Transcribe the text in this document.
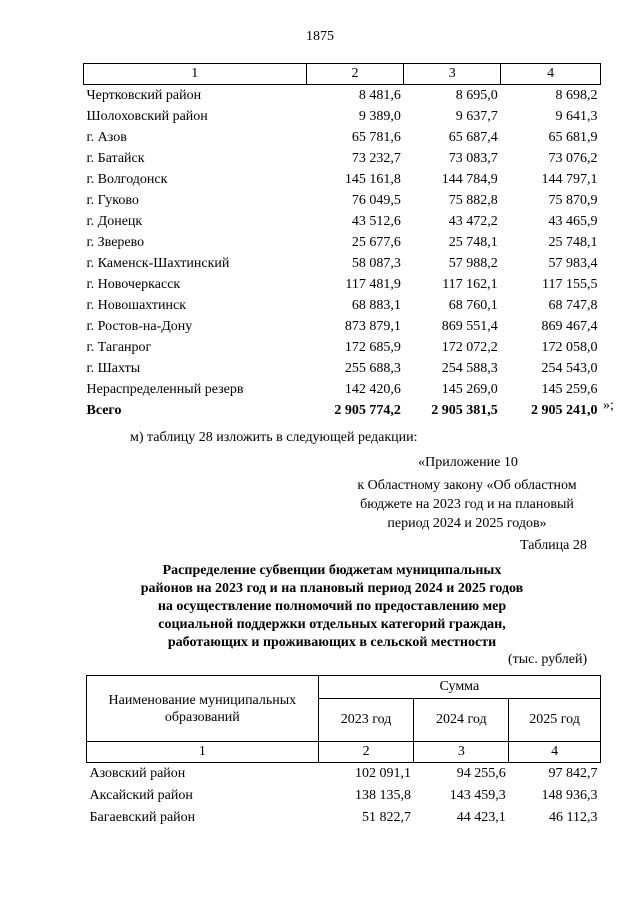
1875
1	2	3	4
Чертковский район	8 481,6	8 695,0	8 698,2
Шолоховский район	9 389,0	9 637,7	9 641,3
г. Азов	65 781,6	65 687,4	65 681,9
г. Батайск	73 232,7	73 083,7	73 076,2
г. Волгодонск	145 161,8	144 784,9	144 797,1
г. Гуково	76 049,5	75 882,8	75 870,9
г. Донецк	43 512,6	43 472,2	43 465,9
г. Зверево	25 677,6	25 748,1	25 748,1
г. Каменск-Шахтинский	58 087,3	57 988,2	57 983,4
г. Новочеркасск	117 481,9	117 162,1	117 155,5
г. Новошахтинск	68 883,1	68 760,1	68 747,8
г. Ростов-на-Дону	873 879,1	869 551,4	869 467,4
г. Таганрог	172 685,9	172 072,2	172 058,0
г. Шахты	255 688,3	254 588,3	254 543,0
Нераспределенный резерв	142 420,6	145 269,0	145 259,6
Всего	2 905 774,2	2 905 381,5	2 905 241,0 »;
м) таблицу 28 изложить в следующей редакции:
«Приложение 10
к Областному закону «Об областном
бюджете на 2023 год и на плановый
период 2024 и 2025 годов»
Таблица 28
Распределение субвенции бюджетам муниципальных
районов на 2023 год и на плановый период 2024 и 2025 годов
на осуществление полномочий по предоставлению мер
социальной поддержки отдельных категорий граждан,
работающих и проживающих в сельской местности
(тыс. рублей)
Наименование муниципальных
образований	Сумма		
	2023 год	2024 год	2025 год
1	2	3	4
Азовский район	102 091,1	94 255,6	97 842,7
Аксайский район	138 135,8	143 459,3	148 936,3
Багаевский район	51 822,7	44 423,1	46 112,3
